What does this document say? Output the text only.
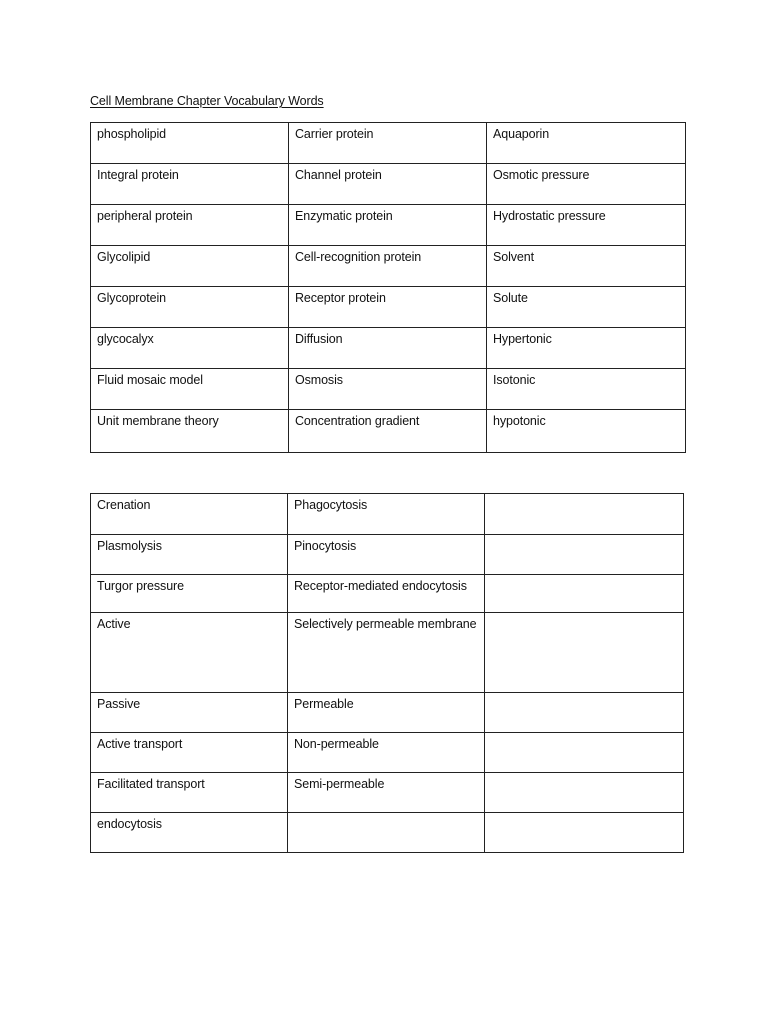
Cell Membrane Chapter Vocabulary Words
phospholipid	Carrier protein	Aquaporin
Integral protein	Channel protein	Osmotic pressure
peripheral protein	Enzymatic protein	Hydrostatic pressure
Glycolipid	Cell-recognition protein	Solvent
Glycoprotein	Receptor protein	Solute
glycocalyx	Diffusion	Hypertonic
Fluid mosaic model	Osmosis	Isotonic
Unit membrane theory	Concentration gradient	hypotonic
Crenation	Phagocytosis	
Plasmolysis	Pinocytosis	
Turgor pressure	Receptor-mediated endocytosis	
Active	Selectively permeable membrane	
Passive	Permeable	
Active transport	Non-permeable	
Facilitated transport	Semi-permeable	
endocytosis		
